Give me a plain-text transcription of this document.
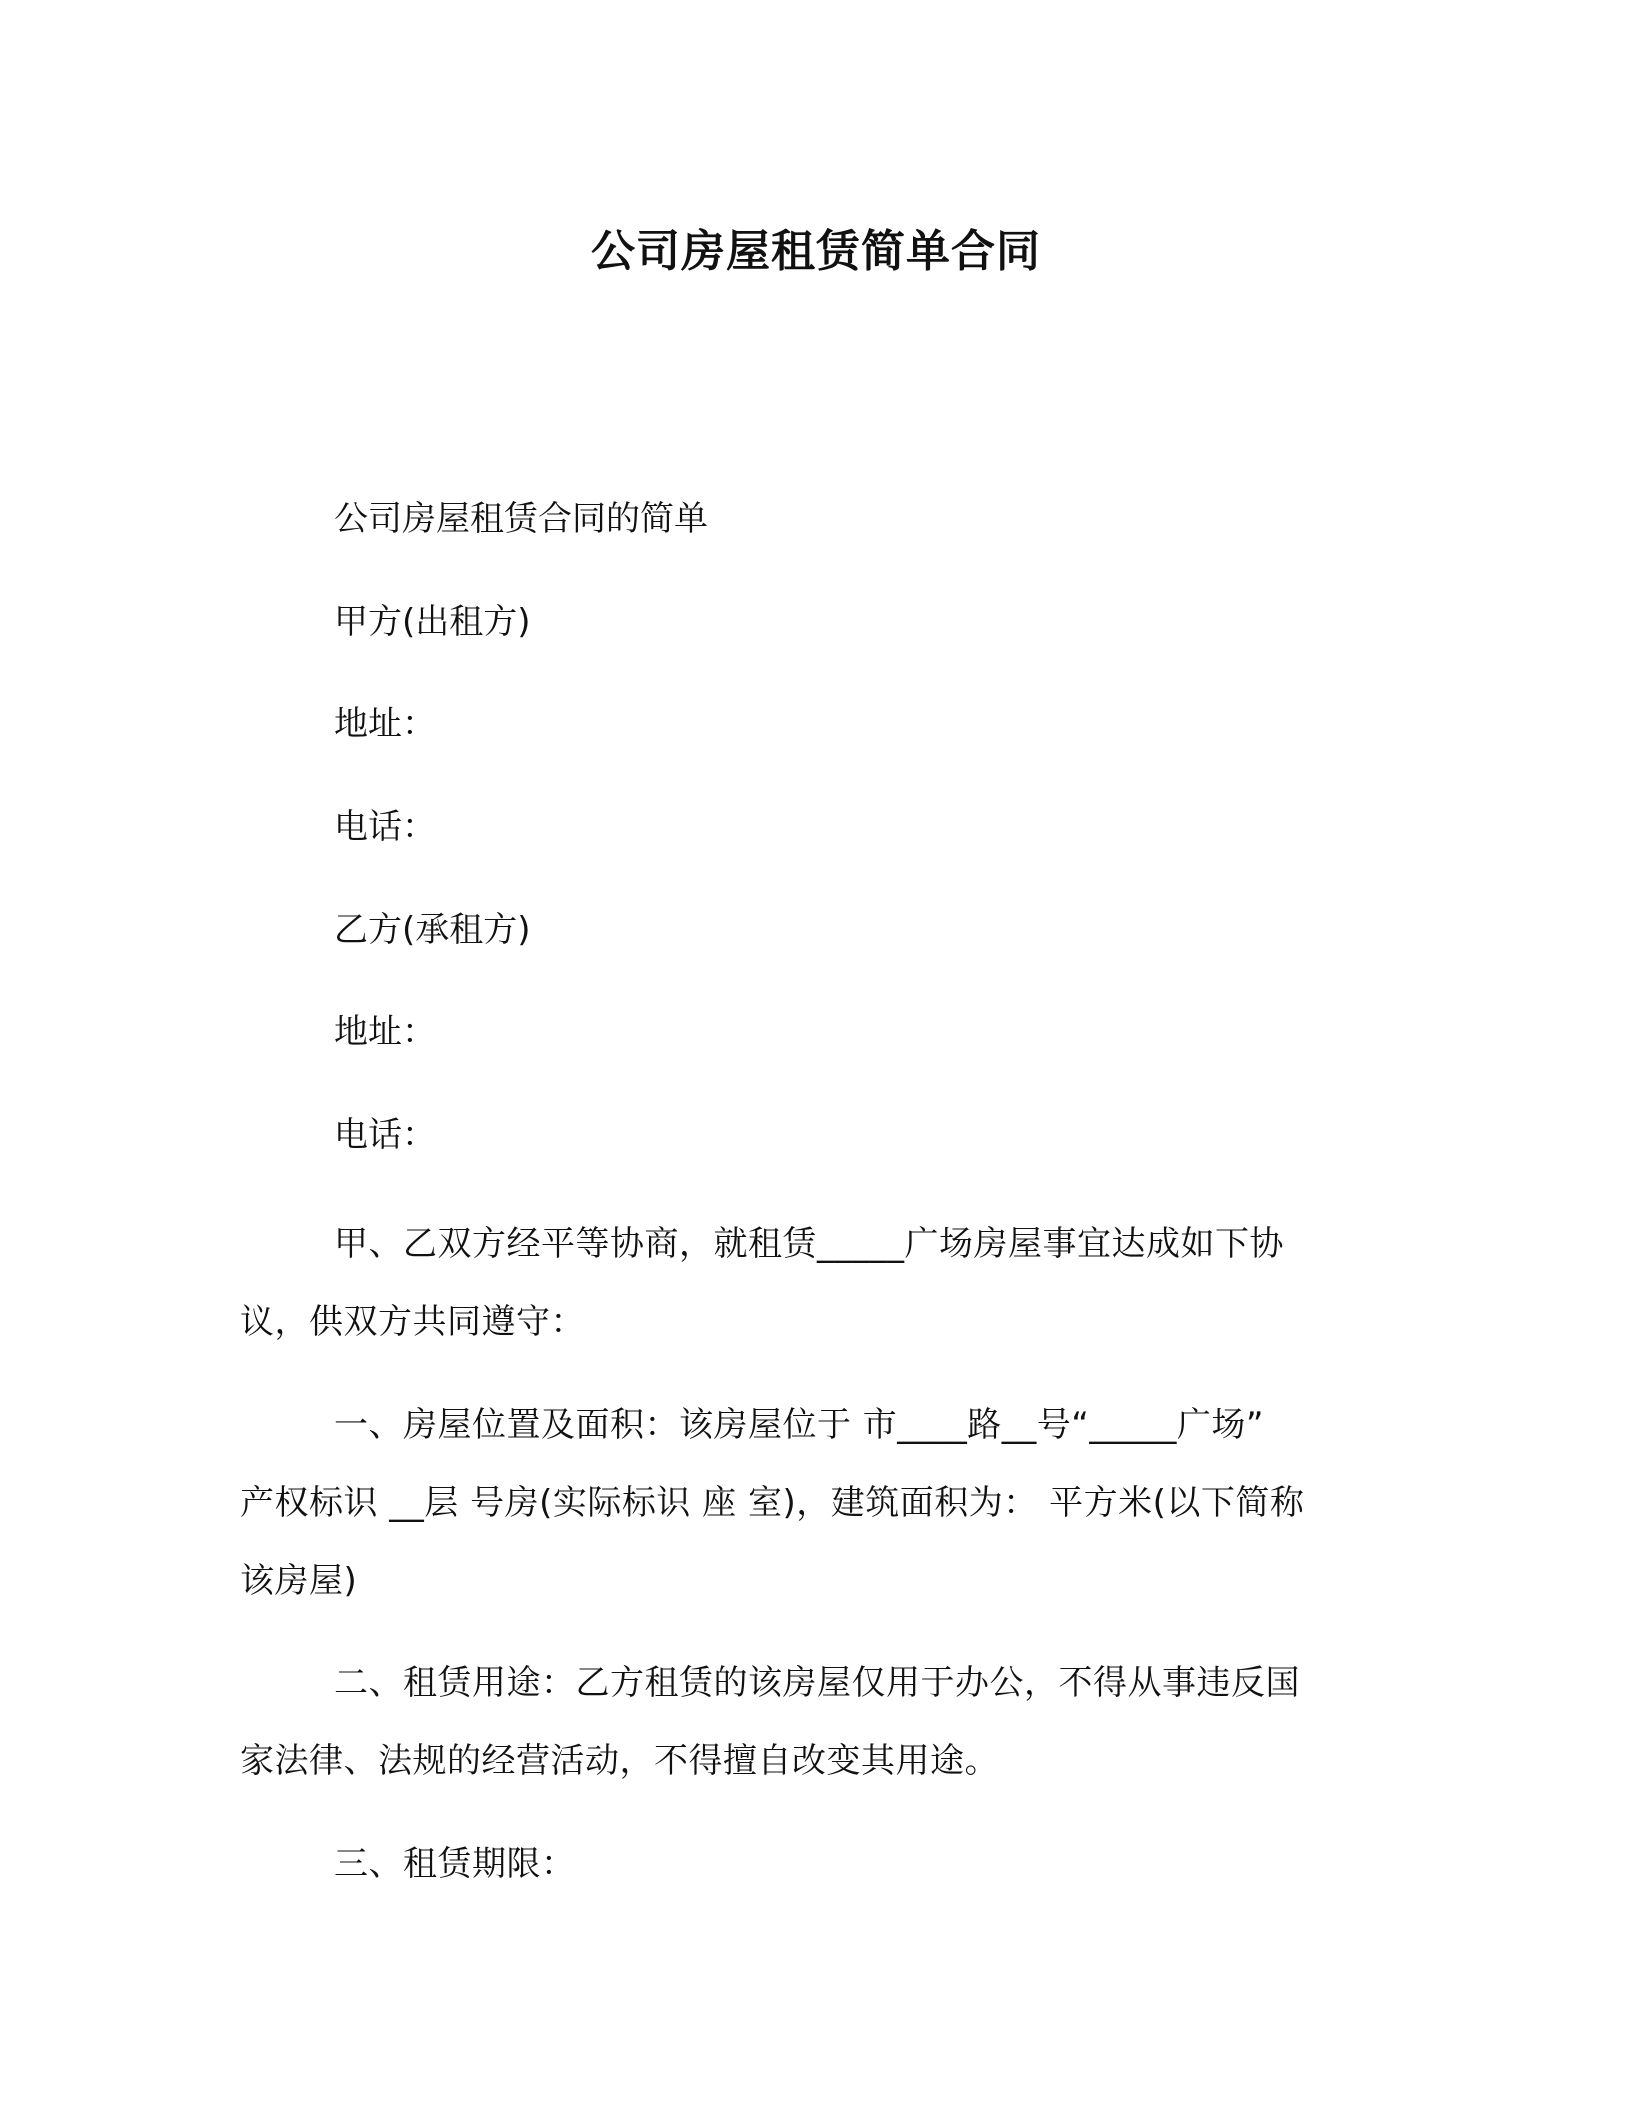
公司房屋租赁简单合同
公司房屋租赁合同的简单
甲方(出租方)
地址：
电话：
乙方(承租方)
地址：
电话：
甲、乙双方经平等协商，就租赁_____广场房屋事宜达成如下协
议，供双方共同遵守：
一、房屋位置及面积：该房屋位于 市____路__号“_____广场”
产权标识 __层 号房(实际标识 座 室)，建筑面积为： 平方米(以下简称
该房屋)
二、租赁用途：乙方租赁的该房屋仅用于办公，不得从事违反国
家法律、法规的经营活动，不得擅自改变其用途。
三、租赁期限：
